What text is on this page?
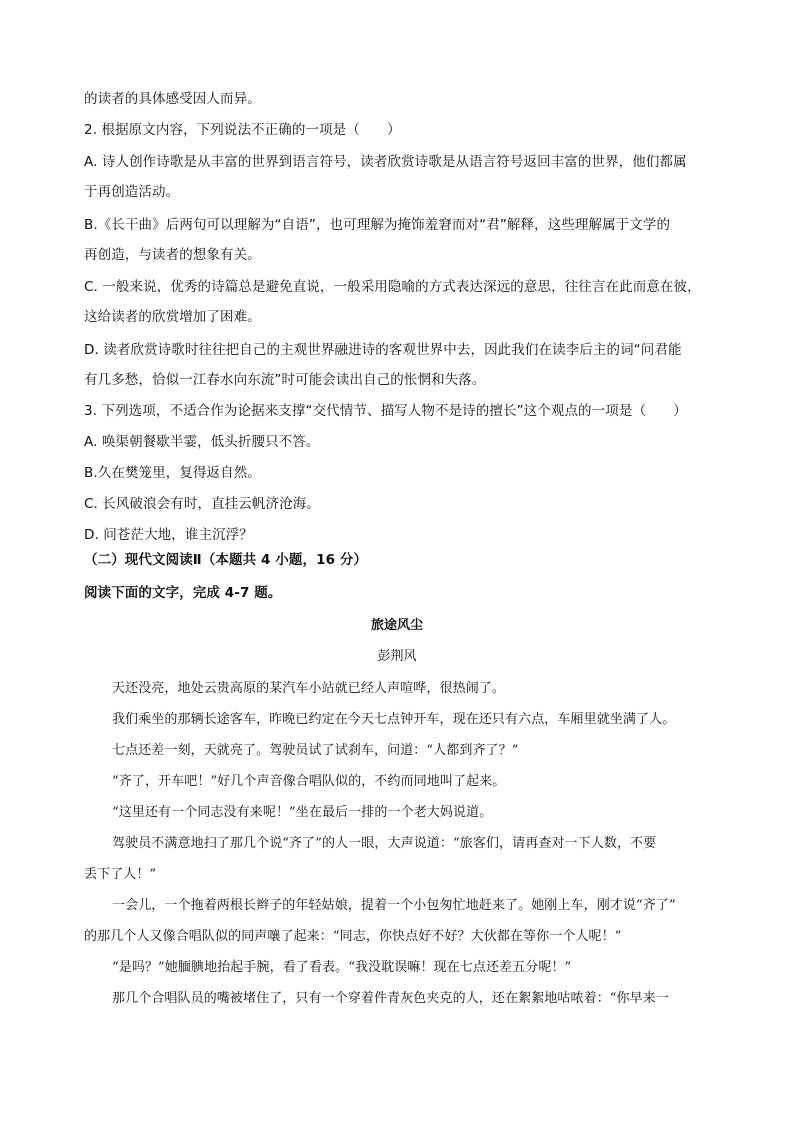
的读者的具体感受因人而异。
2. 根据原文内容，下列说法不正确的一项是（　　）
A. 诗人创作诗歌是从丰富的世界到语言符号，读者欣赏诗歌是从语言符号返回丰富的世界，他们都属
于再创造活动。
B.《长干曲》后两句可以理解为“自语”，也可理解为掩饰羞窘而对“君”解释，这些理解属于文学的
再创造，与读者的想象有关。
C. 一般来说，优秀的诗篇总是避免直说，一般采用隐喻的方式表达深远的意思，往往言在此而意在彼，
这给读者的欣赏增加了困难。
D. 读者欣赏诗歌时往往把自己的主观世界融进诗的客观世界中去，因此我们在读李后主的词“问君能
有几多愁，恰似一江春水向东流”时可能会读出自己的怅惘和失落。
3. 下列选项，不适合作为论据来支撑“交代情节、描写人物不是诗的擅长”这个观点的一项是（　　）
A. 唤渠朝餐歇半霎，低头折腰只不答。
B.久在樊笼里，复得返自然。
C. 长风破浪会有时，直挂云帆济沧海。
D. 问苍茫大地，谁主沉浮？
（二）现代文阅读Ⅱ（本题共 4 小题，16 分）
阅读下面的文字，完成 4-7 题。
旅途风尘
彭荆风
天还没亮，地处云贵高原的某汽车小站就已经人声喧哗，很热闹了。
我们乘坐的那辆长途客车，昨晚已约定在今天七点钟开车，现在还只有六点，车厢里就坐满了人。
七点还差一刻，天就亮了。驾驶员试了试刹车，问道：“人都到齐了？”
“齐了，开车吧！”好几个声音像合唱队似的，不约而同地叫了起来。
“这里还有一个同志没有来呢！”坐在最后一排的一个老大妈说道。
驾驶员不满意地扫了那几个说“齐了”的人一眼，大声说道：“旅客们，请再查对一下人数，不要
丢下了人！”
一会儿，一个拖着两根长辫子的年轻姑娘，提着一个小包匆忙地赶来了。她刚上车，刚才说“齐了”
的那几个人又像合唱队似的同声嚷了起来：“同志，你快点好不好？大伙都在等你一个人呢！”
“是吗？”她腼腆地抬起手腕，看了看表。“我没耽误嘛！现在七点还差五分呢！”
那几个合唱队员的嘴被堵住了，只有一个穿着件青灰色夹克的人，还在絮絮地咕哝着：“你早来一
